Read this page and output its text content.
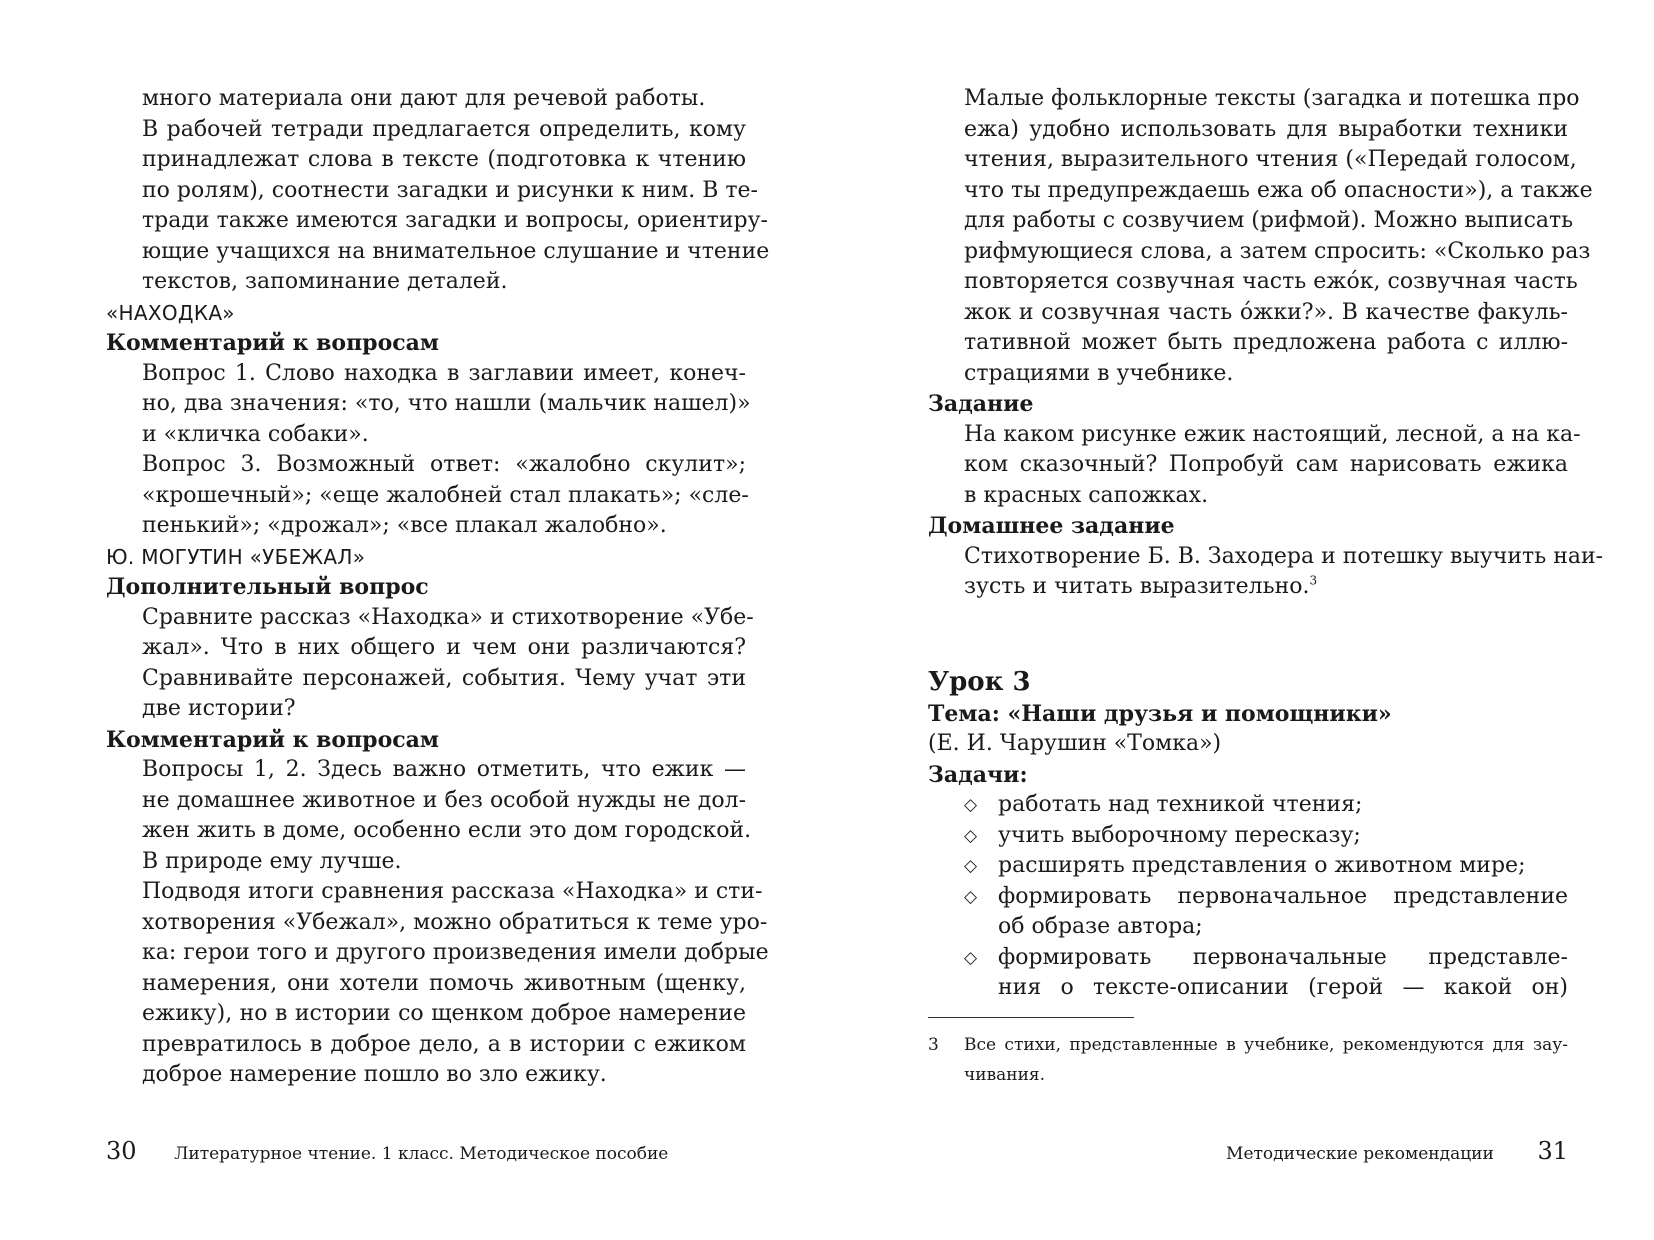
много материала они дают для речевой работы.
В рабочей тетради предлагается определить, кому
принадлежат слова в тексте (подготовка к чтению
по ролям), соотнести загадки и рисунки к ним. В те-
тради также имеются загадки и вопросы, ориентиру-
ющие учащихся на внимательное слушание и чтение
текстов, запоминание деталей.
«НАХОДКА»
Комментарий к вопросам
Вопрос 1. Слово находка в заглавии имеет, конеч-
но, два значения: «то, что нашли (мальчик нашел)»
и «кличка собаки».
Вопрос 3. Возможный ответ: «жалобно скулит»;
«крошечный»; «еще жалобней стал плакать»; «сле-
пенький»; «дрожал»; «все плакал жалобно».
Ю. МОГУТИН «УБЕЖАЛ»
Дополнительный вопрос
Сравните рассказ «Находка» и стихотворение «Убе-
жал». Что в них общего и чем они различаются?
Сравнивайте персонажей, события. Чему учат эти
две истории?
Комментарий к вопросам
Вопросы 1, 2. Здесь важно отметить, что ежик —
не домашнее животное и без особой нужды не дол-
жен жить в доме, особенно если это дом городской.
В природе ему лучше.
Подводя итоги сравнения рассказа «Находка» и сти-
хотворения «Убежал», можно обратиться к теме уро-
ка: герои того и другого произведения имели добрые
намерения, они хотели помочь животным (щенку,
ежику), но в истории со щенком доброе намерение
превратилось в доброе дело, а в истории с ежиком
доброе намерение пошло во зло ежику.
30 Литературное чтение. 1 класс. Методическое пособие
Малые фольклорные тексты (загадка и потешка про
ежа) удобно использовать для выработки техники
чтения, выразительного чтения («Передай голосом,
что ты предупреждаешь ежа об опасности»), а также
для работы с созвучием (рифмой). Можно выписать
рифмующиеся слова, а затем спросить: «Сколько раз
повторяется созвучная часть ежо́к, созвучная часть
жок и созвучная часть о́жки?». В качестве факуль-
тативной может быть предложена работа с иллю-
страциями в учебнике.
Задание
На каком рисунке ежик настоящий, лесной, а на ка-
ком сказочный? Попробуй сам нарисовать ежика
в красных сапожках.
Домашнее задание
Стихотворение Б. В. Заходера и потешку выучить наи-
зусть и читать выразительно.$^3$
Урок 3
Тема: «Наши друзья и помощники»
(Е. И. Чарушин «Томка»)
Задачи:
◇ работать над техникой чтения;
◇ учить выборочному пересказу;
◇ расширять представления о животном мире;
◇ формировать первоначальное представление
об образе автора;
◇ формировать первоначальные представле-
ния о тексте-описании (герой — какой он)
3 Все стихи, представленные в учебнике, рекомендуются для зау-
чивания.
Методические рекомендации 31
